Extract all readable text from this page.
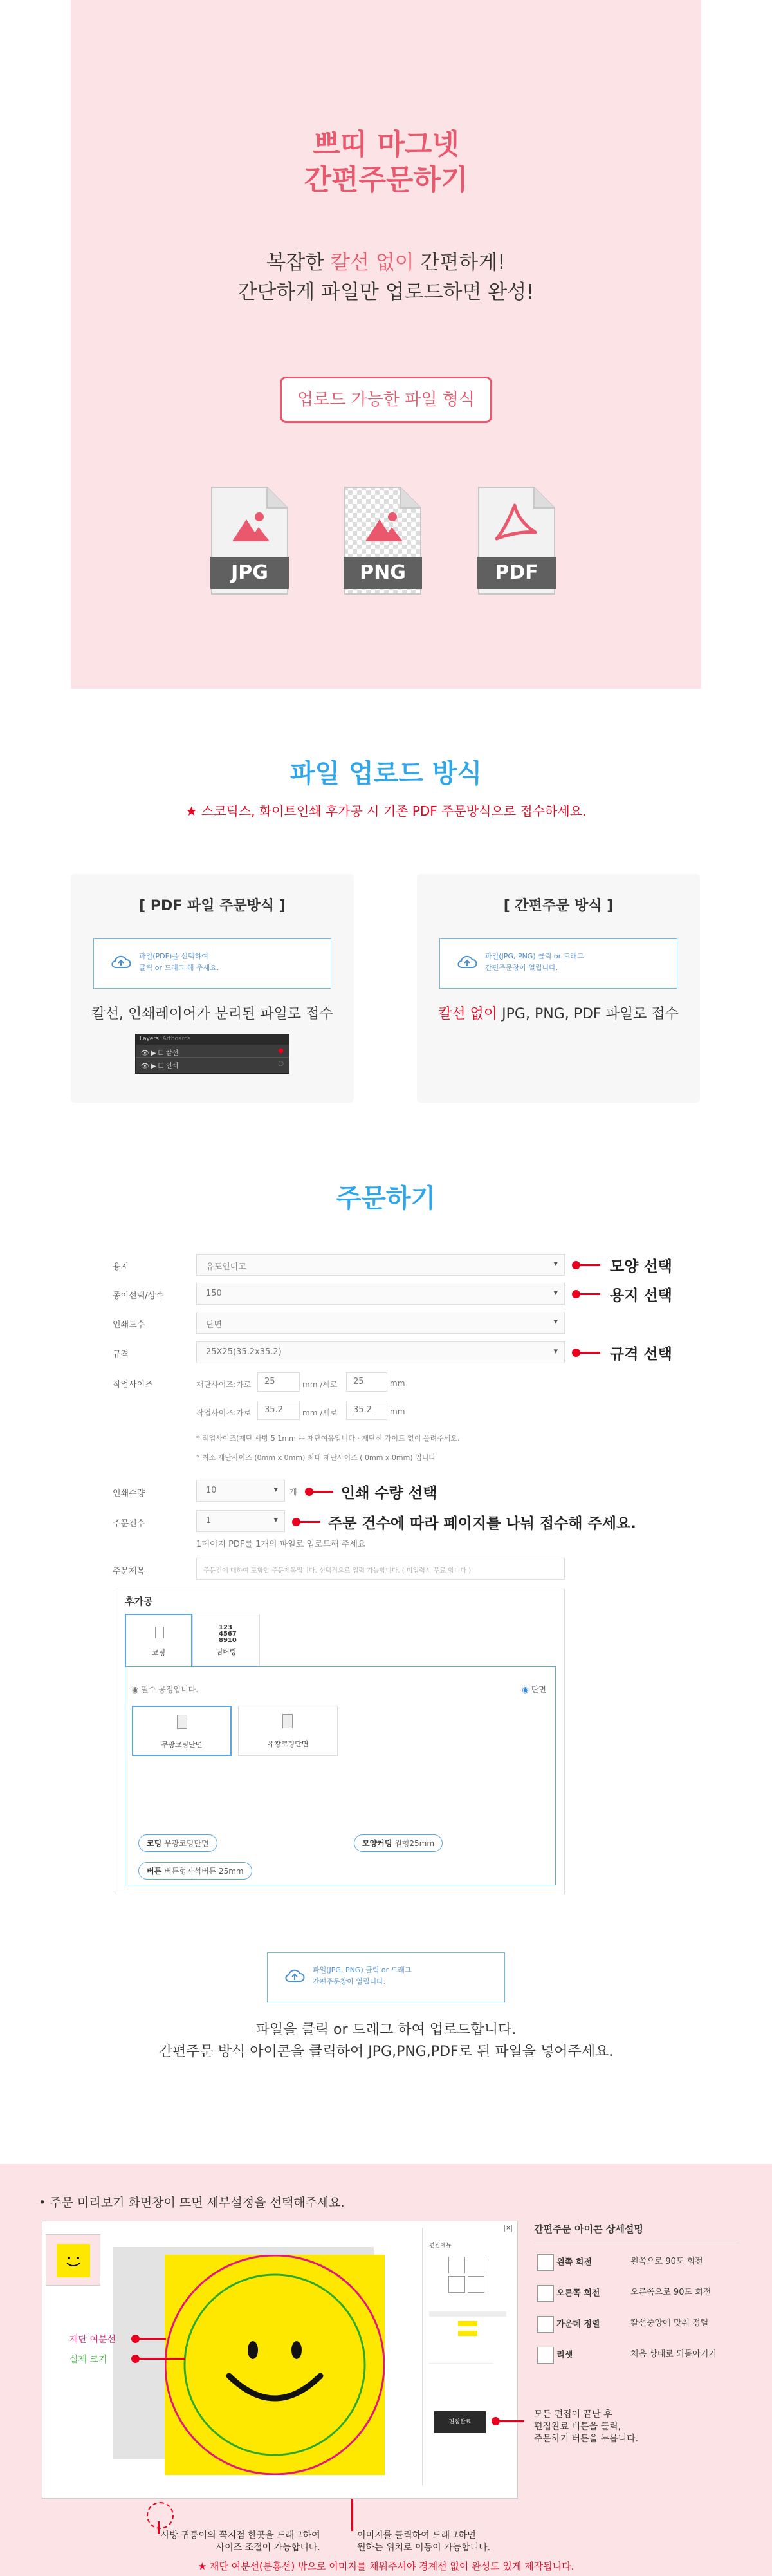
쁘띠 마그넷
간편주문하기
복잡한 칼선 없이 간편하게!
간단하게 파일만 업로드하면 완성!
업로드 가능한 파일 형식
JPG	PNG	PDF
파일 업로드 방식
★ 스코딕스, 화이트인쇄 후가공 시 기존 PDF 주문방식으로 접수하세요.
[ PDF 파일 주문방식 ]
파일(PDF)을 선택하여
클릭 or 드래그 해 주세요.
칼선, 인쇄레이어가 분리된 파일로 접수
Layers Artboards
👁 ▶ ☐ 칼선	●
👁 ▶ ☐ 인쇄	○
[ 간편주문 방식 ]
파일(JPG, PNG) 클릭 or 드래그
간편주문창이 열립니다.
칼선 없이 JPG, PNG, PDF 파일로 접수
주문하기
용지	유포인디고 ▾	모양 선택
종이선택/상수	150 ▾	용지 선택
인쇄도수	단면 ▾
규격	25X25(35.2x35.2) ▾	규격 선택
작업사이즈	재단사이즈:가로	25	mm /세로	25	mm
작업사이즈:가로	35.2	mm /세로	35.2	mm
* 작업사이즈(재단 사방 5 1mm 는 재단여유입니다 · 재단선 가이드 없이 올려주세요.
* 최소 재단사이즈 (0mm x 0mm) 최대 재단사이즈 ( 0mm x 0mm) 입니다
인쇄수량	10 ▾	개	인쇄 수량 선택
주문건수	1 ▾	주문 건수에 따라 페이지를 나눠 접수해 주세요.
1페이지 PDF를 1개의 파일로 업로드해 주세요
주문제목	주문건에 대하여 포함할 주문제목입니다. 선택적으로 입력 가능합니다. ( 미입력시 무료 합니다 )
후가공
코팅
123
4567
8910
넘버링
◉ 필수 공정입니다.	◉ 단면
무광코팅단면	유광코팅단면
코팅 무광코팅단면	모양커팅 원형25mm
버튼 버튼형자석버튼 25mm
파일(JPG, PNG) 클릭 or 드래그
간편주문창이 열립니다.
파일을 클릭 or 드래그 하여 업로드합니다.
간편주문 방식 아이콘을 클릭하여 JPG,PNG,PDF로 된 파일을 넣어주세요.
• 주문 미리보기 화면창이 뜨면 세부설정을 선택해주세요.
×
편집메뉴
편집완료
재단 여분선
실제 크기
사방 귀퉁이의 꼭지점 한곳을 드래그하여
사이즈 조절이 가능합니다.
이미지를 클릭하여 드래그하면
원하는 위치로 이동이 가능합니다.
모든 편집이 끝난 후
편집완료 버튼을 클릭,
주문하기 버튼을 누릅니다.
★ 재단 여분선(분홍선) 밖으로 이미지를 채워주셔야 경계선 없이 완성도 있게 제작됩니다.
간편주문 아이콘 상세설명
왼쪽 회전	왼쪽으로 90도 회전
오른쪽 회전	오른쪽으로 90도 회전
가운데 정렬	칼선중앙에 맞춰 정렬
리셋	처음 상태로 되돌아기기
